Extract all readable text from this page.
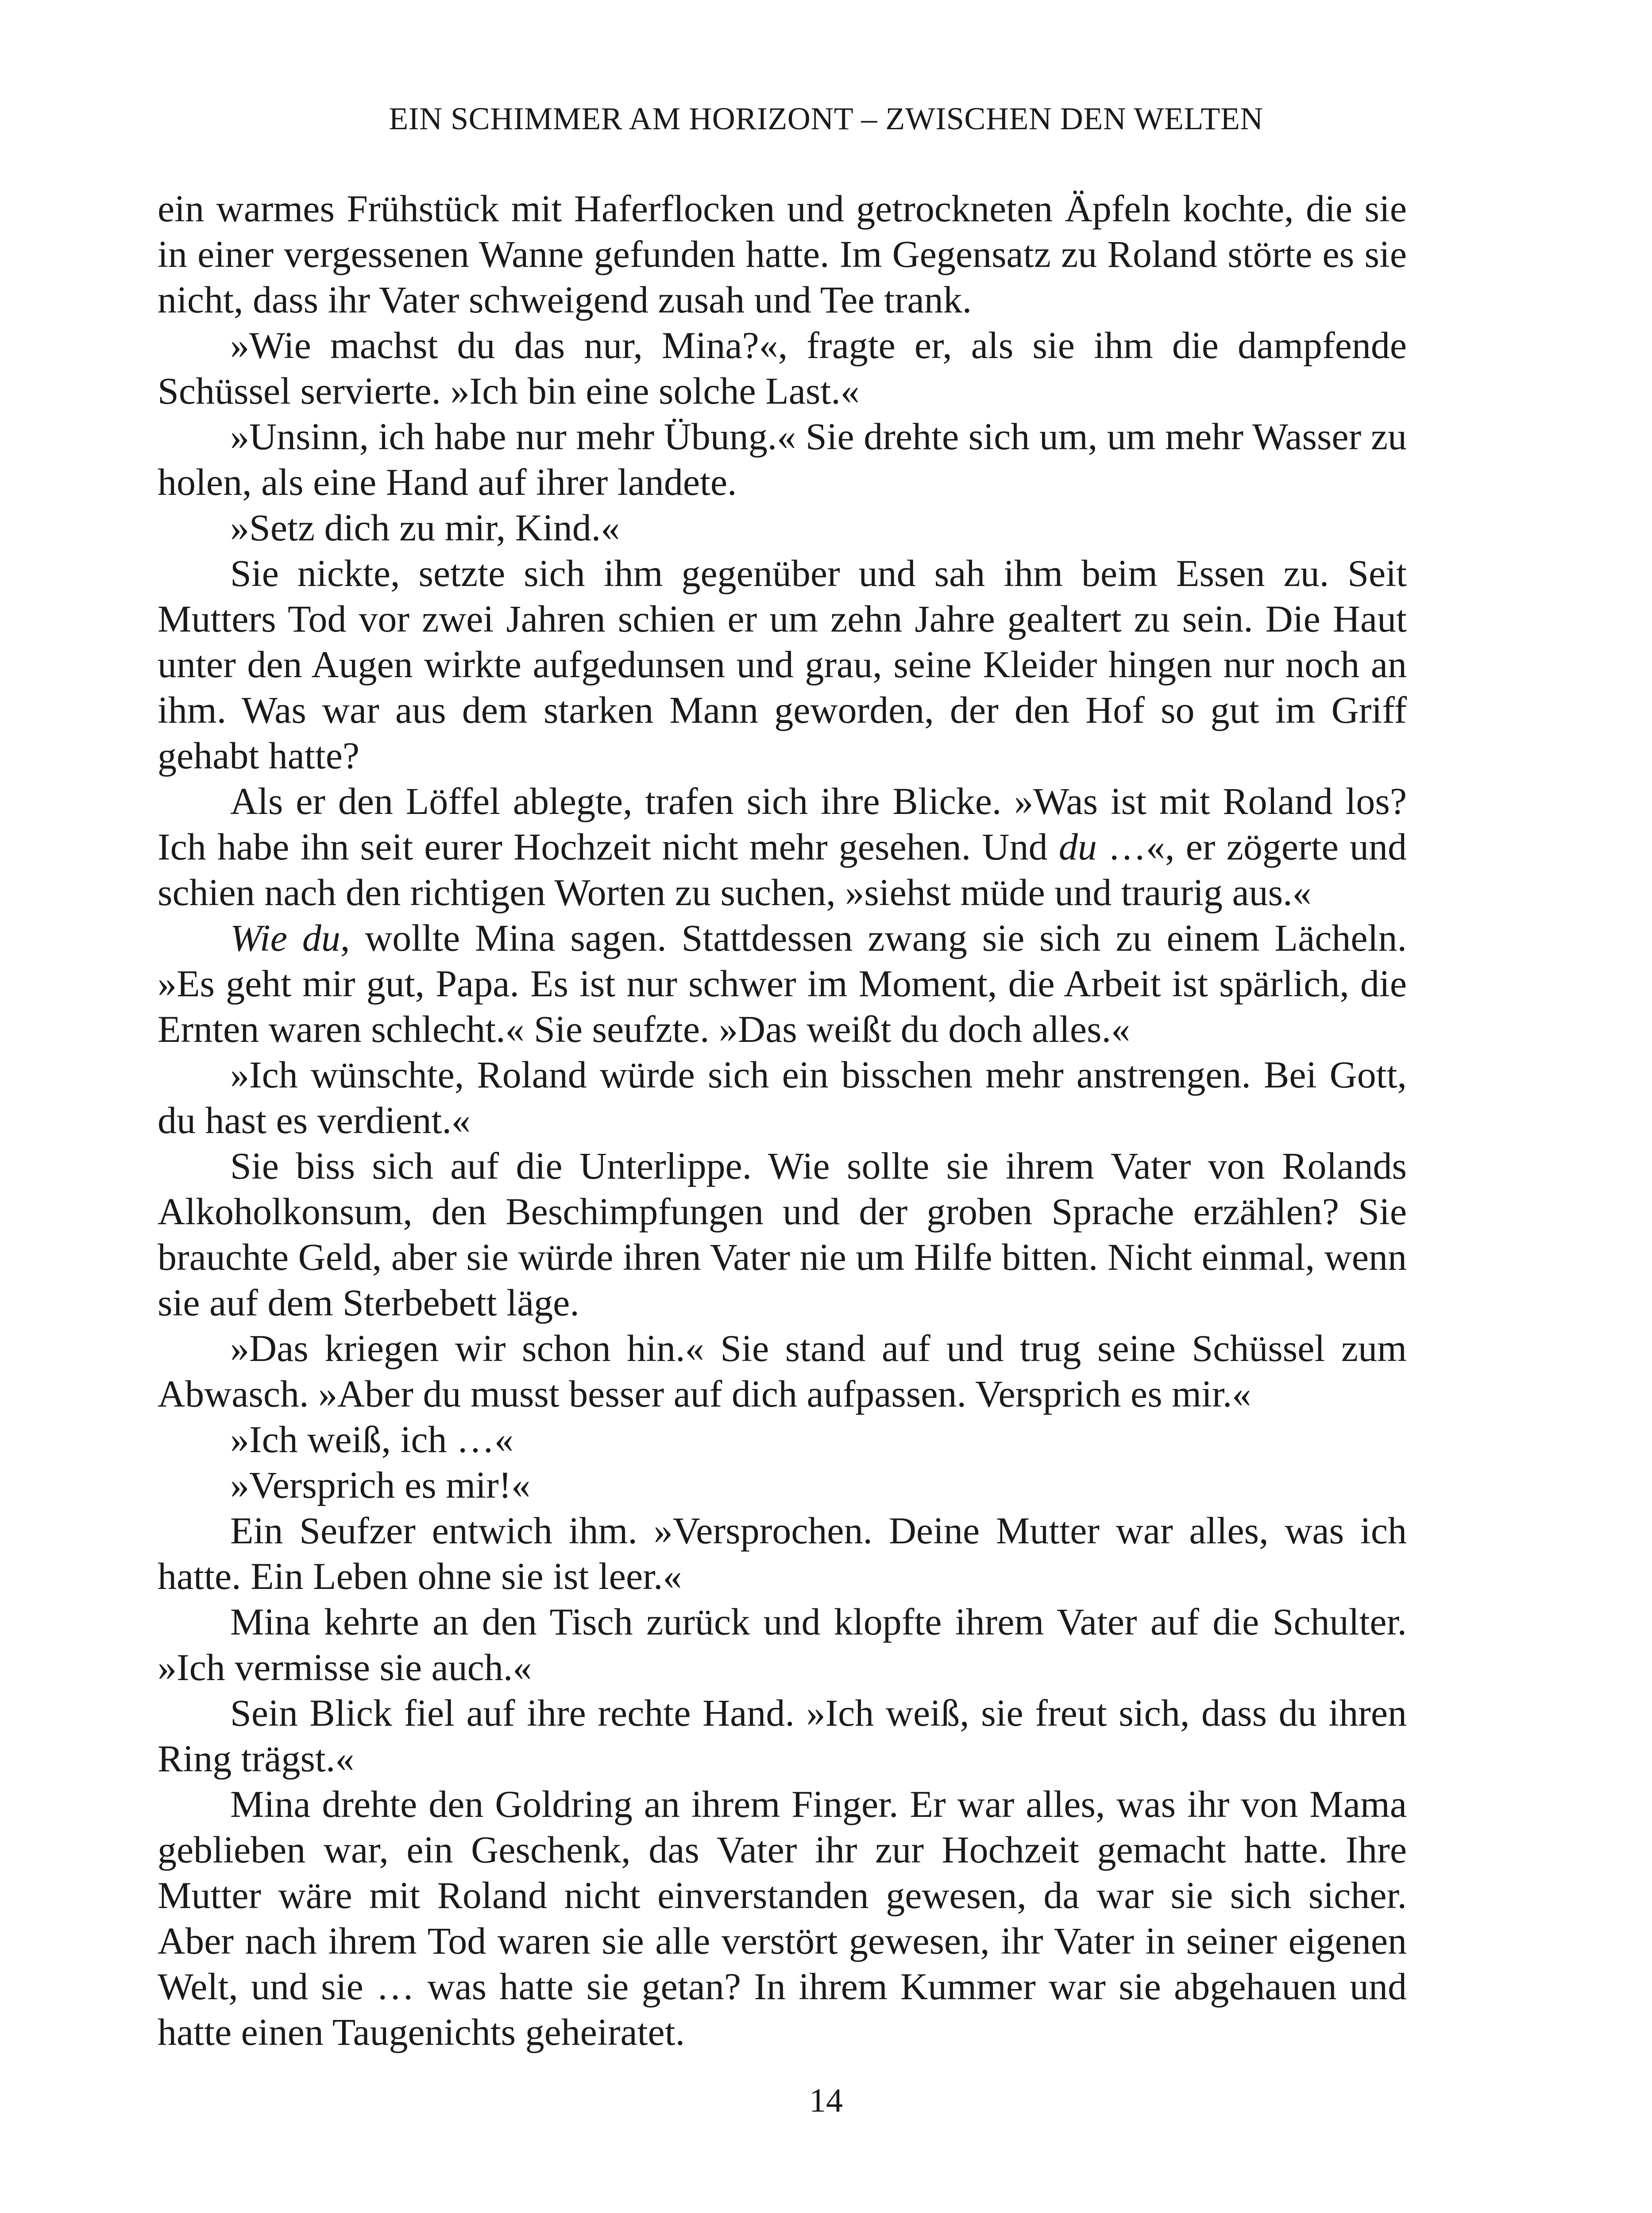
EIN SCHIMMER AM HORIZONT – ZWISCHEN DEN WELTEN

ein warmes Frühstück mit Haferflocken und getrockneten Äpfeln kochte, die sie in einer vergessenen Wanne gefunden hatte. Im Gegensatz zu Roland störte es sie nicht, dass ihr Vater schweigend zusah und Tee trank.

»Wie machst du das nur, Mina?«, fragte er, als sie ihm die dampfende Schüssel servierte. »Ich bin eine solche Last.«

»Unsinn, ich habe nur mehr Übung.« Sie drehte sich um, um mehr Wasser zu holen, als eine Hand auf ihrer landete.

»Setz dich zu mir, Kind.«

Sie nickte, setzte sich ihm gegenüber und sah ihm beim Essen zu. Seit Mutters Tod vor zwei Jahren schien er um zehn Jahre gealtert zu sein. Die Haut unter den Augen wirkte aufgedunsen und grau, seine Kleider hingen nur noch an ihm. Was war aus dem starken Mann geworden, der den Hof so gut im Griff gehabt hatte?

Als er den Löffel ablegte, trafen sich ihre Blicke. »Was ist mit Roland los? Ich habe ihn seit eurer Hochzeit nicht mehr gesehen. Und du …«, er zögerte und schien nach den richtigen Worten zu suchen, »siehst müde und traurig aus.«

Wie du, wollte Mina sagen. Stattdessen zwang sie sich zu einem Lächeln. »Es geht mir gut, Papa. Es ist nur schwer im Moment, die Arbeit ist spärlich, die Ernten waren schlecht.« Sie seufzte. »Das weißt du doch alles.«

»Ich wünschte, Roland würde sich ein bisschen mehr anstrengen. Bei Gott, du hast es verdient.«

Sie biss sich auf die Unterlippe. Wie sollte sie ihrem Vater von Rolands Alkoholkonsum, den Beschimpfungen und der groben Sprache erzählen? Sie brauchte Geld, aber sie würde ihren Vater nie um Hilfe bitten. Nicht einmal, wenn sie auf dem Sterbebett läge.

»Das kriegen wir schon hin.« Sie stand auf und trug seine Schüssel zum Abwasch. »Aber du musst besser auf dich aufpassen. Versprich es mir.«

»Ich weiß, ich …«

»Versprich es mir!«

Ein Seufzer entwich ihm. »Versprochen. Deine Mutter war alles, was ich hatte. Ein Leben ohne sie ist leer.«

Mina kehrte an den Tisch zurück und klopfte ihrem Vater auf die Schulter. »Ich vermisse sie auch.«

Sein Blick fiel auf ihre rechte Hand. »Ich weiß, sie freut sich, dass du ihren Ring trägst.«

Mina drehte den Goldring an ihrem Finger. Er war alles, was ihr von Mama geblieben war, ein Geschenk, das Vater ihr zur Hochzeit gemacht hatte. Ihre Mutter wäre mit Roland nicht einverstanden gewesen, da war sie sich sicher. Aber nach ihrem Tod waren sie alle verstört gewesen, ihr Vater in seiner eigenen Welt, und sie … was hatte sie getan? In ihrem Kummer war sie abgehauen und hatte einen Taugenichts geheiratet.

14
